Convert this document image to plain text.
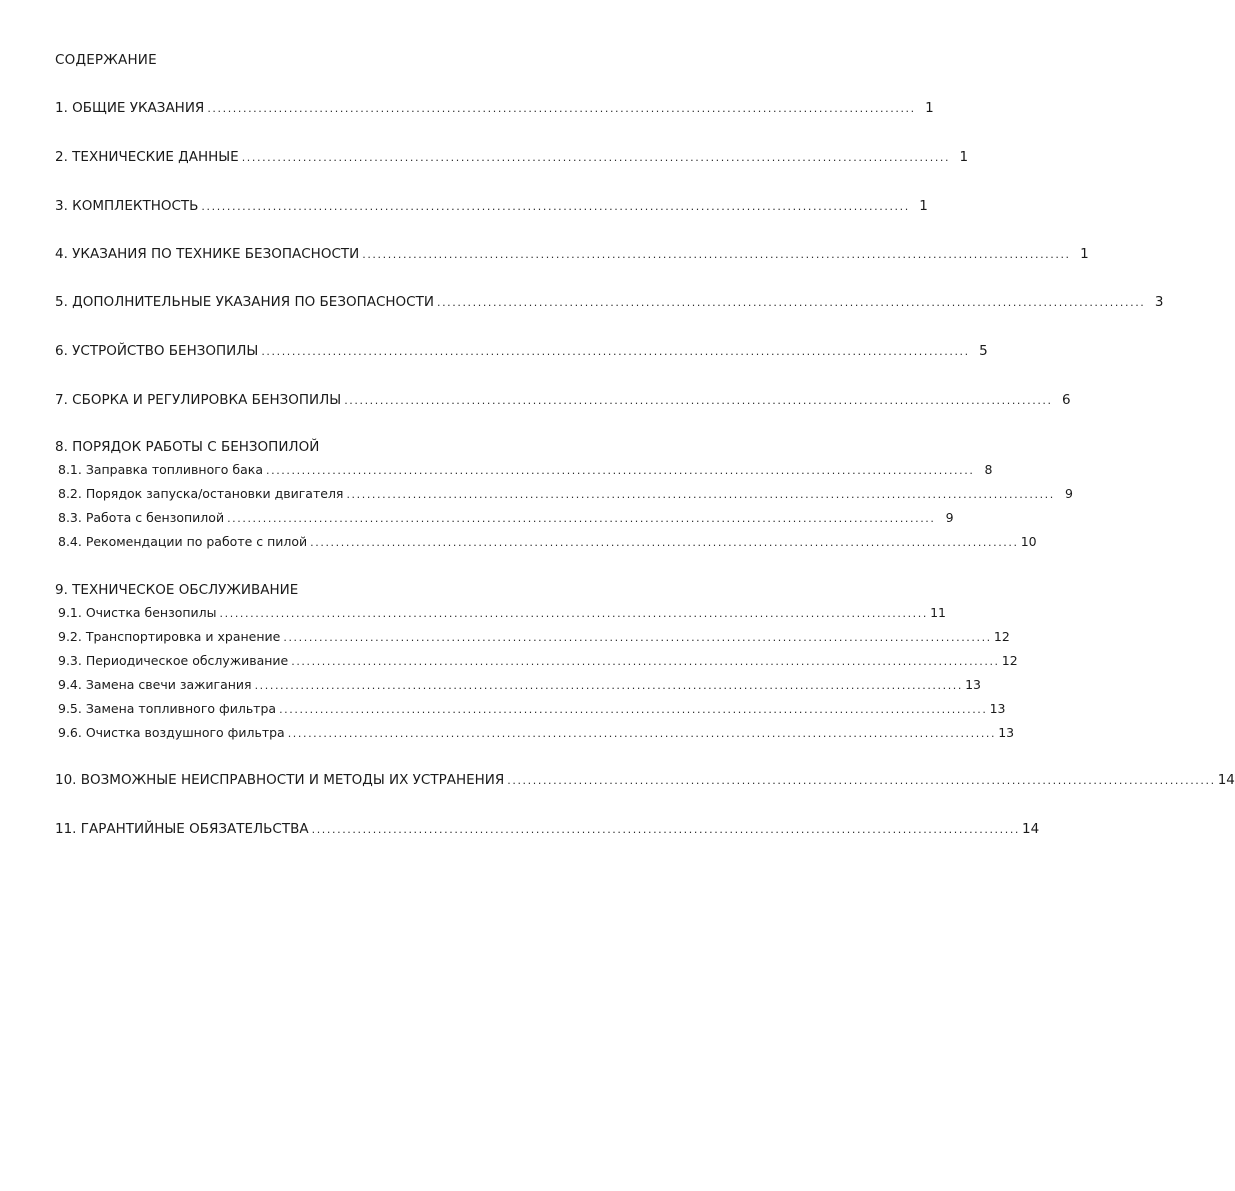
СОДЕРЖАНИЕ
1. ОБЩИЕ УКАЗАНИЯ ........................................................................................................................................... 1
2. ТЕХНИЧЕСКИЕ ДАННЫЕ ........................................................................................................................................... 1
3. КОМПЛЕКТНОСТЬ ........................................................................................................................................... 1
4. УКАЗАНИЯ ПО ТЕХНИКЕ БЕЗОПАСНОСТИ ........................................................................................................................................... 1
5. ДОПОЛНИТЕЛЬНЫЕ УКАЗАНИЯ ПО БЕЗОПАСНОСТИ ........................................................................................................................................... 3
6. УСТРОЙСТВО БЕНЗОПИЛЫ ........................................................................................................................................... 5
7. СБОРКА И РЕГУЛИРОВКА БЕНЗОПИЛЫ ........................................................................................................................................... 6
8. ПОРЯДОК РАБОТЫ С БЕНЗОПИЛОЙ
8.1. Заправка топливного бака ........................................................................................................................................... 8
8.2. Порядок запуска/остановки двигателя ........................................................................................................................................... 9
8.3. Работа с бензопилой ........................................................................................................................................... 9
8.4. Рекомендации по работе с пилой ........................................................................................................................................... 10
9. ТЕХНИЧЕСКОЕ ОБСЛУЖИВАНИЕ
9.1. Очистка бензопилы ........................................................................................................................................... 11
9.2. Транспортировка и хранение ........................................................................................................................................... 12
9.3. Периодическое обслуживание ........................................................................................................................................... 12
9.4. Замена свечи зажигания ........................................................................................................................................... 13
9.5. Замена топливного фильтра ........................................................................................................................................... 13
9.6. Очистка воздушного фильтра ........................................................................................................................................... 13
10. ВОЗМОЖНЫЕ НЕИСПРАВНОСТИ И МЕТОДЫ ИХ УСТРАНЕНИЯ ........................................................................................................................................... 14
11. ГАРАНТИЙНЫЕ ОБЯЗАТЕЛЬСТВА ........................................................................................................................................... 14
